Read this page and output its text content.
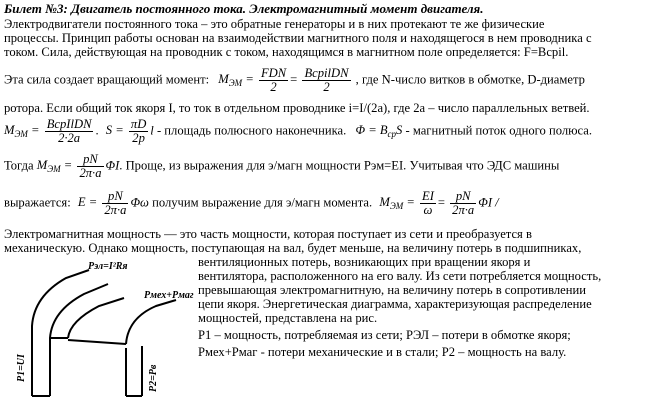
Билет №3: Двигатель постоянного тока. Электромагнитный момент двигателя.
Электродвигатели постоянного тока – это обратные генераторы и в них протекают те же физические
процессы. Принцип работы основан на взаимодействии магнитного поля и находящегося в нем проводника с
током. Сила, действующая на проводник с током, находящимся в магнитном поле определяется: F=Bcpil.
Эта сила создает вращающий момент: $M_{ЭМ} = \frac{\text{FDN}}{2} = \frac{\text{BcpilDN}}{2}$ , где N-число витков в обмотке, D-диаметр
ротора. Если общий ток якоря I, то ток в отдельном проводнике i=I/(2a), где 2a – число параллельных ветвей.
$M_{ЭМ} = \frac{\text{BcpIlDN}}{2\cdot 2a}$ . $S = \frac{\pi D}{2p}$ l - площадь полюсного наконечника. $\Phi = B_{ср}S$ - магнитный поток одного полюса.
Тогда $M_{ЭМ} = \frac{pN}{2\pi\cdot a} \Phi I$. Проще, из выражения для э/магн мощности Pэм=EI. Учитывая что ЭДС машины
выражается: $E = \frac{pN}{2\pi\cdot a}$ Φω получим выражение для э/магн момента. $M_{ЭМ} = \frac{EI}{\omega} = \frac{pN}{2\pi\cdot a}$ ΦI /
Электромагнитная мощность — это часть мощности, которая поступает из сети и преобразуется в
механическую. Однако мощность, поступающая на вал, будет меньше, на величину потерь в подшипниках,
вентиляционных потерь, возникающих при вращении якоря и
вентилятора, расположенного на его валу. Из сети потребляется мощность,
превышающая электромагнитную, на величину потерь в сопротивлении
цепи якоря. Энергетическая диаграмма, характеризующая распределение
мощностей, представлена на рис.
P1 – мощность, потребляемая из сети; PЭЛ – потери в обмотке якоря;
Pмех+Pмаг - потери механические и в стали; P2 – мощность на валу.
Pэл=I²Rя
Pмех+Pмаг
P1=UI	P2=Pв
